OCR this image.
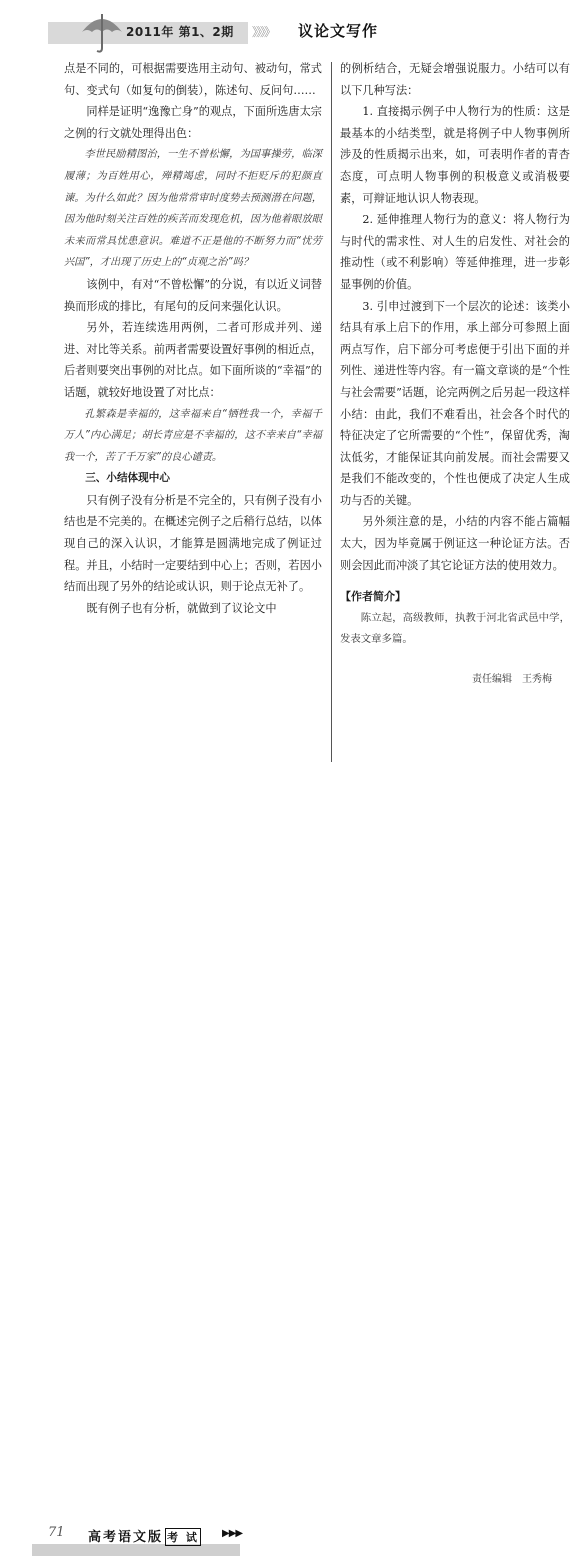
2011年 第1、2期 》》》》 议论文写作

点是不同的，可根据需要选用主动句、被动句，常式句、变式句（如复句的倒装），陈述句、反问句……

同样是证明“逸豫亡身”的观点，下面所选唐太宗之例的行文就处理得出色：

李世民励精图治，一生不曾松懈，为国事操劳，临深履薄；为百姓用心，殚精竭虑，同时不拒贬斥的犯颜直谏。为什么如此？因为他常常审时度势去预测潜在问题，因为他时刻关注百姓的疾苦而发现危机，因为他着眼放眼未来而常具忧患意识。难道不正是他的不断努力而“忧劳兴国”，才出现了历史上的“贞观之治”吗？

该例中，有对“不曾松懈”的分说，有以近义词替换而形成的排比，有尾句的反问来强化认识。

另外，若连续选用两例，二者可形成并列、递进、对比等关系。前两者需要设置好事例的相近点，后者则要突出事例的对比点。如下面所谈的“幸福”的话题，就较好地设置了对比点：

孔繁森是幸福的，这幸福来自“牺牲我一个，幸福千万人”内心满足；胡长青应是不幸福的，这不幸来自“幸福我一个，苦了千万家”的良心谴责。

三、小结体现中心

只有例子没有分析是不完全的，只有例子没有小结也是不完美的。在概述完例子之后稍行总结，以体现自己的深入认识，才能算是圆满地完成了例证过程。并且，小结时一定要结到中心上；否则，若因小结而出现了另外的结论或认识，则于论点无补了。

既有例子也有分析，就做到了议论文中

的例析结合，无疑会增强说服力。小结可以有以下几种写法：

1. 直接揭示例子中人物行为的性质：这是最基本的小结类型，就是将例子中人物事例所涉及的性质揭示出来，如，可表明作者的青杏态度，可点明人物事例的积极意义或消极要素，可辩证地认识人物表现。

2. 延伸推理人物行为的意义：将人物行为与时代的需求性、对人生的启发性、对社会的推动性（或不利影响）等延伸推理，进一步彰显事例的价值。

3. 引申过渡到下一个层次的论述：该类小结具有承上启下的作用，承上部分可参照上面两点写作，启下部分可考虑便于引出下面的并列性、递进性等内容。有一篇文章谈的是“个性与社会需要”话题，论完两例之后另起一段这样小结：由此，我们不难看出，社会各个时代的特征决定了它所需要的“个性”，保留优秀，淘汰低劣，才能保证其向前发展。而社会需要又是我们不能改变的，个性也便成了决定人生成功与否的关键。

另外须注意的是，小结的内容不能占篇幅太大，因为毕竟属于例证这一种论证方法。否则会因此而冲淡了其它论证方法的使用效力。

【作者简介】

陈立起，高级教师，执教于河北省武邑中学，发表文章多篇。

责任编辑　王秀梅

71 高考语文版 考 试 ▶▶▶
